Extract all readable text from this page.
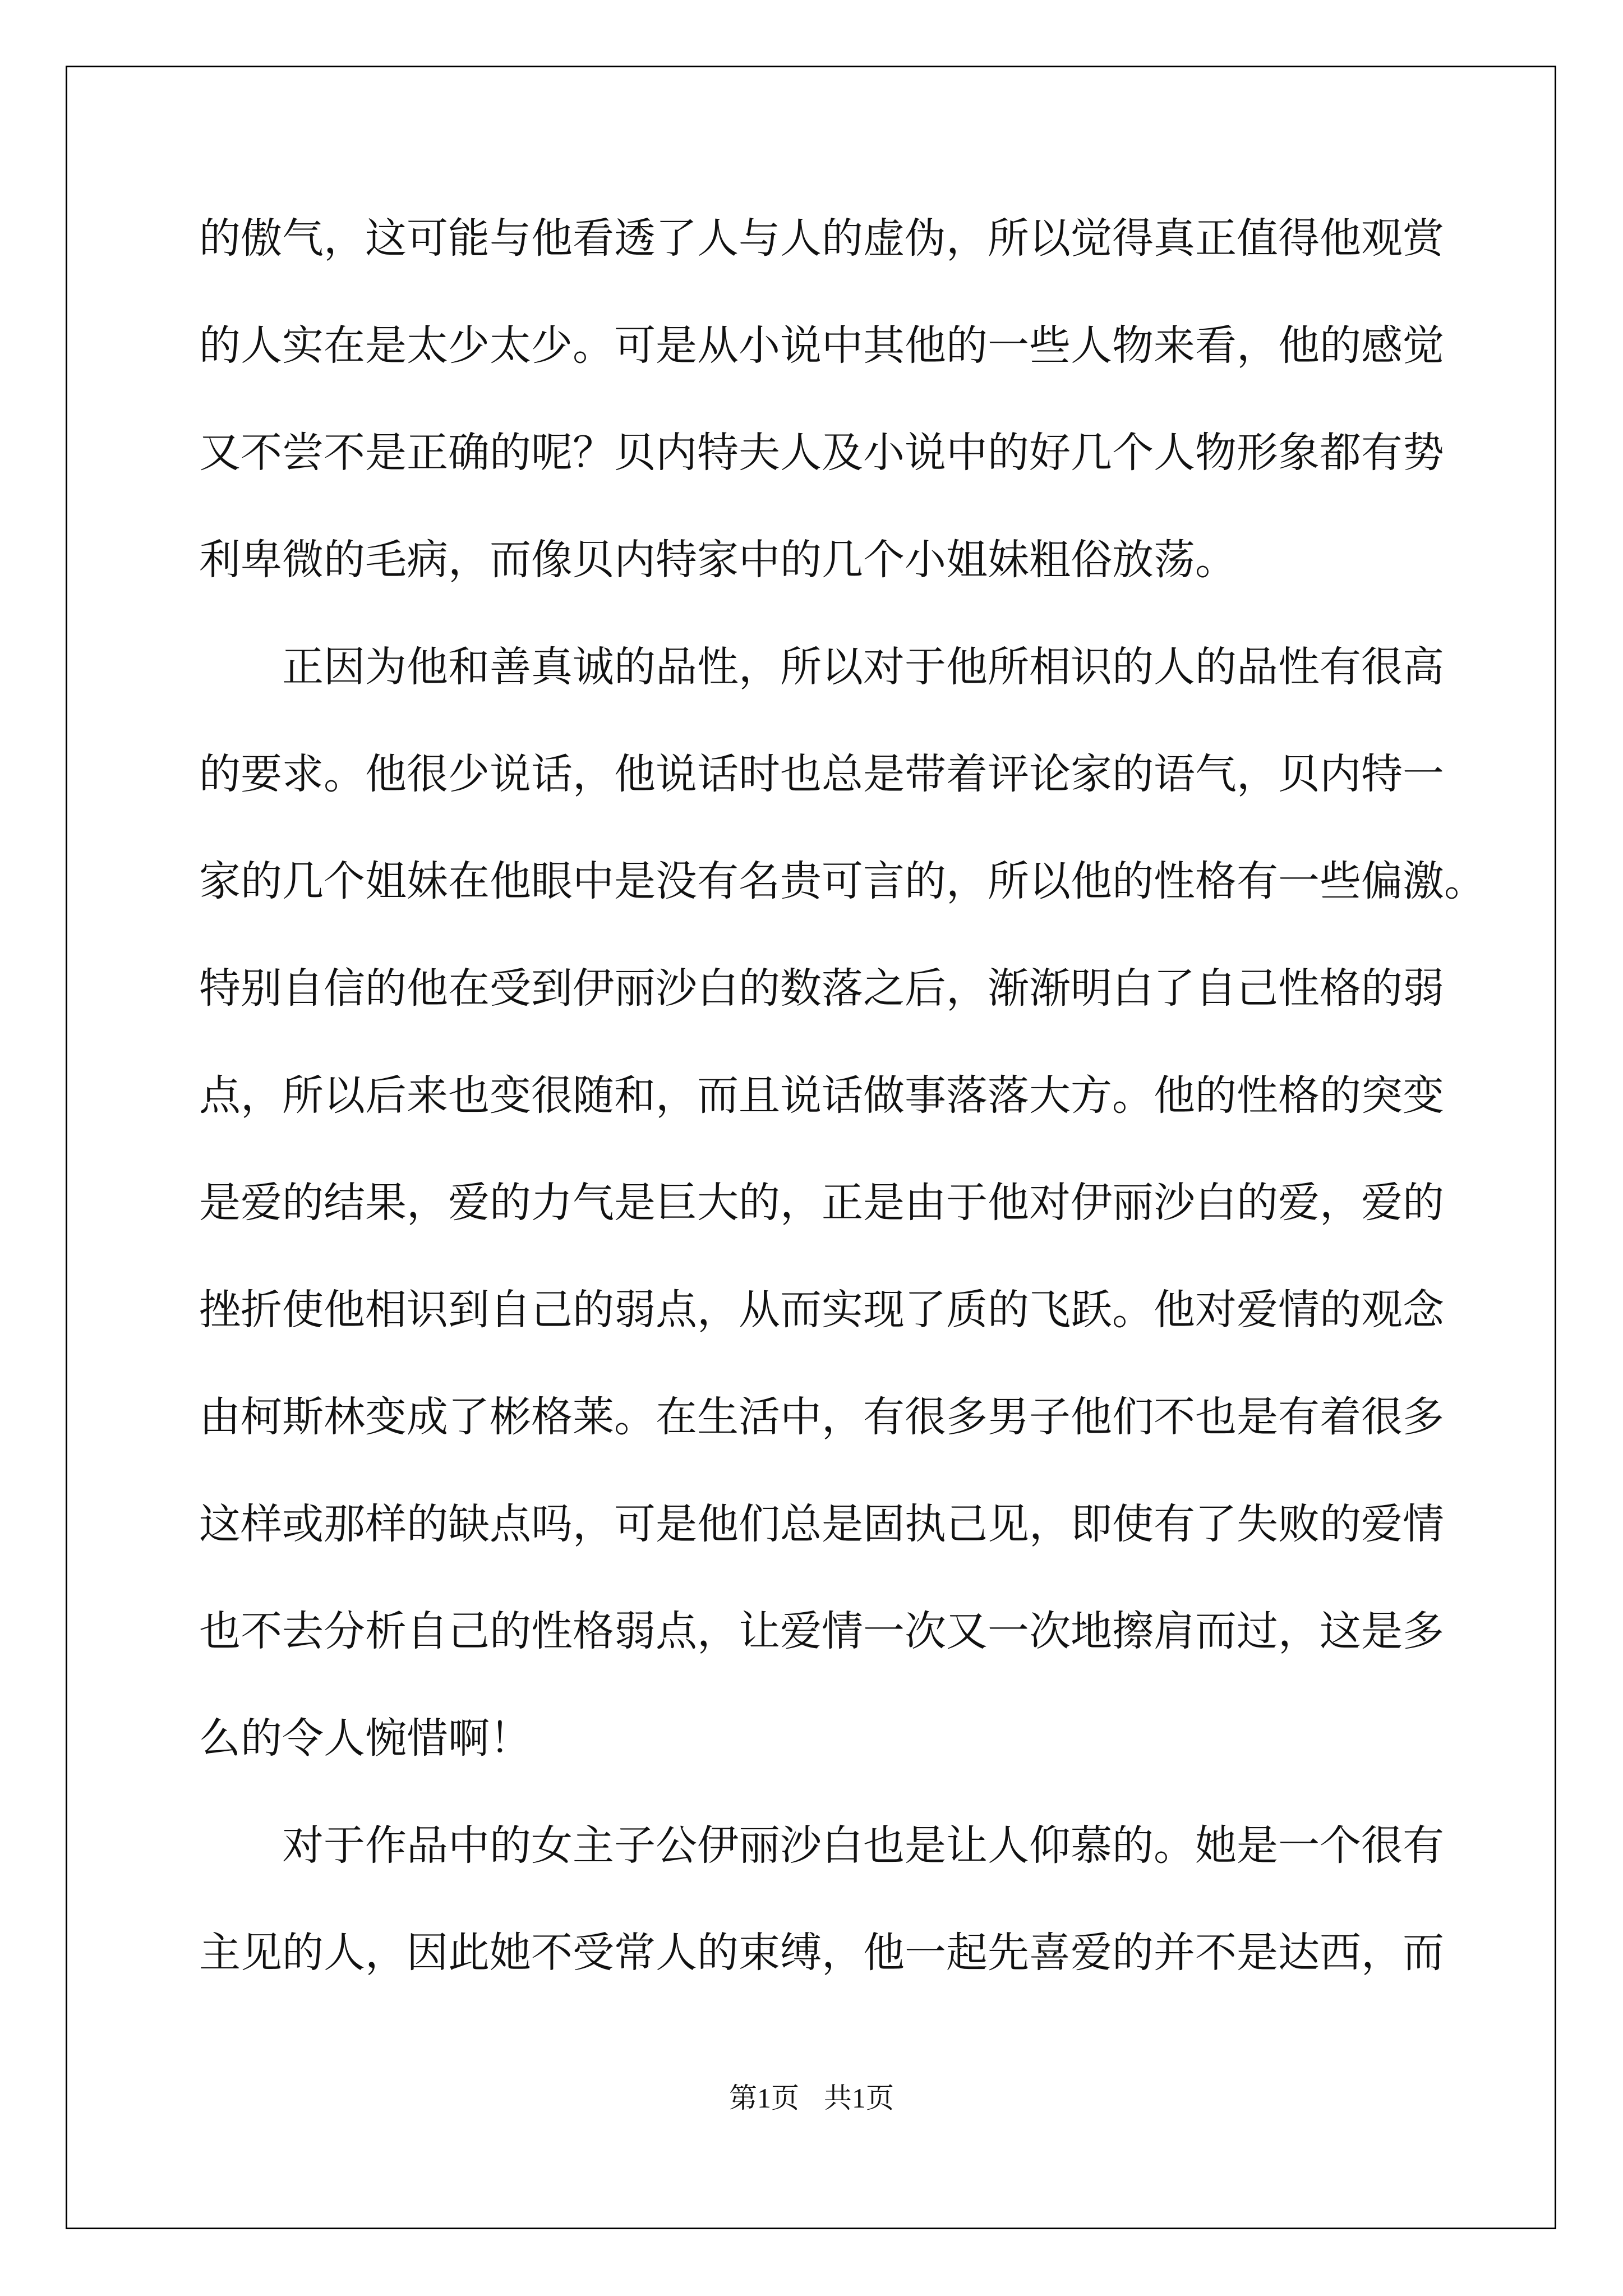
的傲气，这可能与他看透了人与人的虚伪，所以觉得真正值得他观赏
的人实在是太少太少。可是从小说中其他的一些人物来看，他的感觉
又不尝不是正确的呢？贝内特夫人及小说中的好几个人物形象都有势
利卑微的毛病，而像贝内特家中的几个小姐妹粗俗放荡。
正因为他和善真诚的品性，所以对于他所相识的人的品性有很高
的要求。他很少说话，他说话时也总是带着评论家的语气，贝内特一
家的几个姐妹在他眼中是没有名贵可言的，所以他的性格有一些偏激。
特别自信的他在受到伊丽沙白的数落之后，渐渐明白了自己性格的弱
点，所以后来也变很随和，而且说话做事落落大方。他的性格的突变
是爱的结果，爱的力气是巨大的，正是由于他对伊丽沙白的爱，爱的
挫折使他相识到自己的弱点，从而实现了质的飞跃。他对爱情的观念
由柯斯林变成了彬格莱。在生活中，有很多男子他们不也是有着很多
这样或那样的缺点吗，可是他们总是固执己见，即使有了失败的爱情
也不去分析自己的性格弱点，让爱情一次又一次地擦肩而过，这是多
么的令人惋惜啊！
对于作品中的女主子公伊丽沙白也是让人仰慕的。她是一个很有
主见的人，因此她不受常人的束缚，他一起先喜爱的并不是达西，而
第1页 共1页
